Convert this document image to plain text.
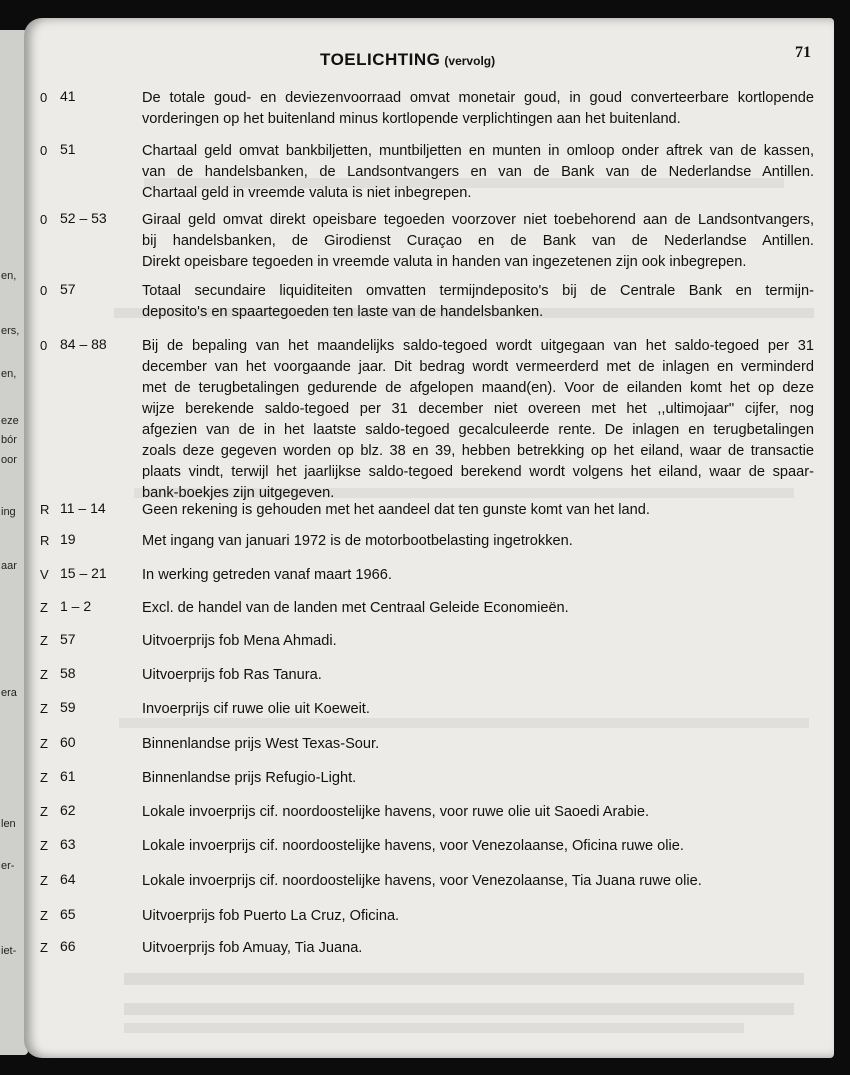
en,
ers,
en,
eze
bór
oor
ing
aar
era
len
er-
iet-
TOELICHTING (vervolg)	71
0 41	De totale goud- en deviezenvoorraad omvat monetair goud, in goud converteerbare kortlopende
vorderingen op het buitenland minus kortlopende verplichtingen aan het buitenland.
0 51	Chartaal geld omvat bankbiljetten, muntbiljetten en munten in omloop onder aftrek van de kassen,
van de handelsbanken, de Landsontvangers en van de Bank van de Nederlandse Antillen.
Chartaal geld in vreemde valuta is niet inbegrepen.
0 52 – 53 Giraal geld omvat direkt opeisbare tegoeden voorzover niet toebehorend aan de Landsontvangers,
bij handelsbanken, de Girodienst Curaçao en de Bank van de Nederlandse Antillen.
Direkt opeisbare tegoeden in vreemde valuta in handen van ingezetenen zijn ook inbegrepen.
0 57	Totaal secundaire liquiditeiten omvatten termijndeposito's bij de Centrale Bank en termijn-
deposito's en spaartegoeden ten laste van de handelsbanken.
0 84 – 88 Bij de bepaling van het maandelijks saldo-tegoed wordt uitgegaan van het saldo-tegoed per 31
december van het voorgaande jaar. Dit bedrag wordt vermeerderd met de inlagen en verminderd
met de terugbetalingen gedurende de afgelopen maand(en). Voor de eilanden komt het op deze
wijze berekende saldo-tegoed per 31 december niet overeen met het ,,ultimojaar'' cijfer, nog
afgezien van de in het laatste saldo-tegoed gecalculeerde rente. De inlagen en terugbetalingen
zoals deze gegeven worden op blz. 38 en 39, hebben betrekking op het eiland, waar de transactie
plaats vindt, terwijl het jaarlijkse saldo-tegoed berekend wordt volgens het eiland, waar de spaar-
bank-boekjes zijn uitgegeven.
R 11 – 14 Geen rekening is gehouden met het aandeel dat ten gunste komt van het land.
R 19	Met ingang van januari 1972 is de motorbootbelasting ingetrokken.
V 15 – 21 In werking getreden vanaf maart 1966.
Z 1 – 2	Excl. de handel van de landen met Centraal Geleide Economieën.
Z 57	Uitvoerprijs fob Mena Ahmadi.
Z 58	Uitvoerprijs fob Ras Tanura.
Z 59	Invoerprijs cif ruwe olie uit Koeweit.
Z 60	Binnenlandse prijs West Texas-Sour.
Z 61	Binnenlandse prijs Refugio-Light.
Z 62	Lokale invoerprijs cif. noordoostelijke havens, voor ruwe olie uit Saoedi Arabie.
Z 63	Lokale invoerprijs cif. noordoostelijke havens, voor Venezolaanse, Oficina ruwe olie.
Z 64	Lokale invoerprijs cif. noordoostelijke havens, voor Venezolaanse, Tia Juana ruwe olie.
Z 65	Uitvoerprijs fob Puerto La Cruz, Oficina.
Z 66	Uitvoerprijs fob Amuay, Tia Juana.
